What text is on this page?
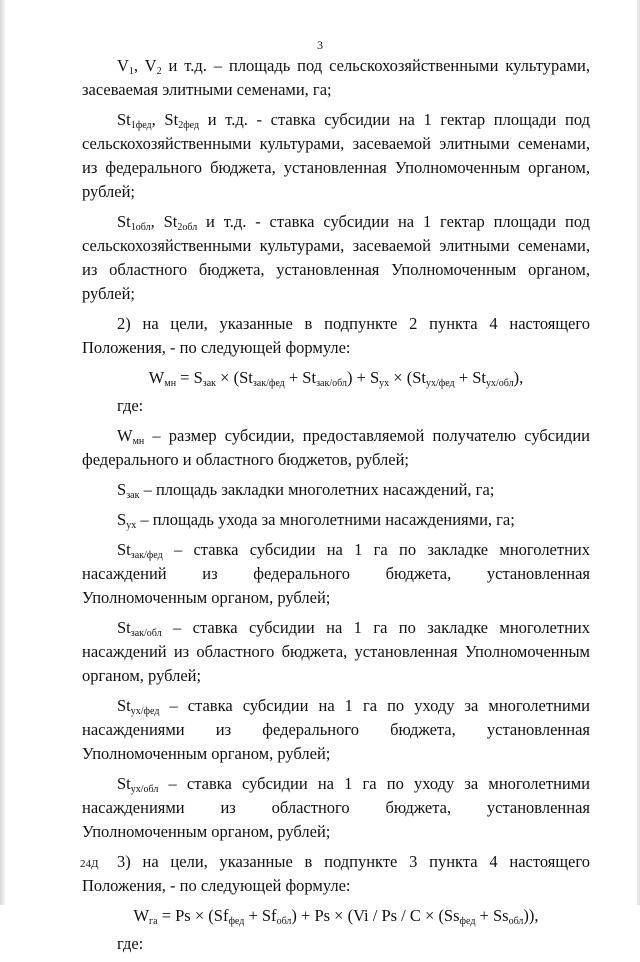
3

$V_1$, $V_2$ и т.д. – площадь под сельскохозяйственными культурами, засеваемая элитными семенами, га;

$St_{1фед}$, $St_{2фед}$ и т.д. - ставка субсидии на 1 гектар площади под сельскохозяйственными культурами, засеваемой элитными семенами, из федерального бюджета, установленная Уполномоченным органом, рублей;

$St_{1обл}$, $St_{2обл}$ и т.д. - ставка субсидии на 1 гектар площади под сельскохозяйственными культурами, засеваемой элитными семенами, из областного бюджета, установленная Уполномоченным органом, рублей;

2) на цели, указанные в подпункте 2 пункта 4 настоящего Положения, - по следующей формуле:

$W_{мн} = S_{зак} \times (St_{зак/фед} + St_{зак/обл}) + S_{ух} \times (St_{ух/фед} + St_{ух/обл})$,
где:

$W_{мн}$ – размер субсидии, предоставляемой получателю субсидии федерального и областного бюджетов, рублей;

$S_{зак}$ – площадь закладки многолетних насаждений, га;

$S_{ух}$ – площадь ухода за многолетними насаждениями, га;

$St_{зак/фед}$ – ставка субсидии на 1 га по закладке многолетних насаждений из федерального бюджета, установленная Уполномоченным органом, рублей;

$St_{зак/обл}$ – ставка субсидии на 1 га по закладке многолетних насаждений из областного бюджета, установленная Уполномоченным органом, рублей;

$St_{ух/фед}$ – ставка субсидии на 1 га по уходу за многолетними насаждениями из федерального бюджета, установленная Уполномоченным органом, рублей;

$St_{ух/обл}$ – ставка субсидии на 1 га по уходу за многолетними насаждениями из областного бюджета, установленная Уполномоченным органом, рублей;

3) на цели, указанные в подпункте 3 пункта 4 настоящего Положения, - по следующей формуле:

$W_{га} = Ps \times (Sf_{фед} + Sf_{обл}) + Ps \times (Vi / Ps / C \times (Ss_{фед} + Ss_{обл}))$,
где:
24Д
